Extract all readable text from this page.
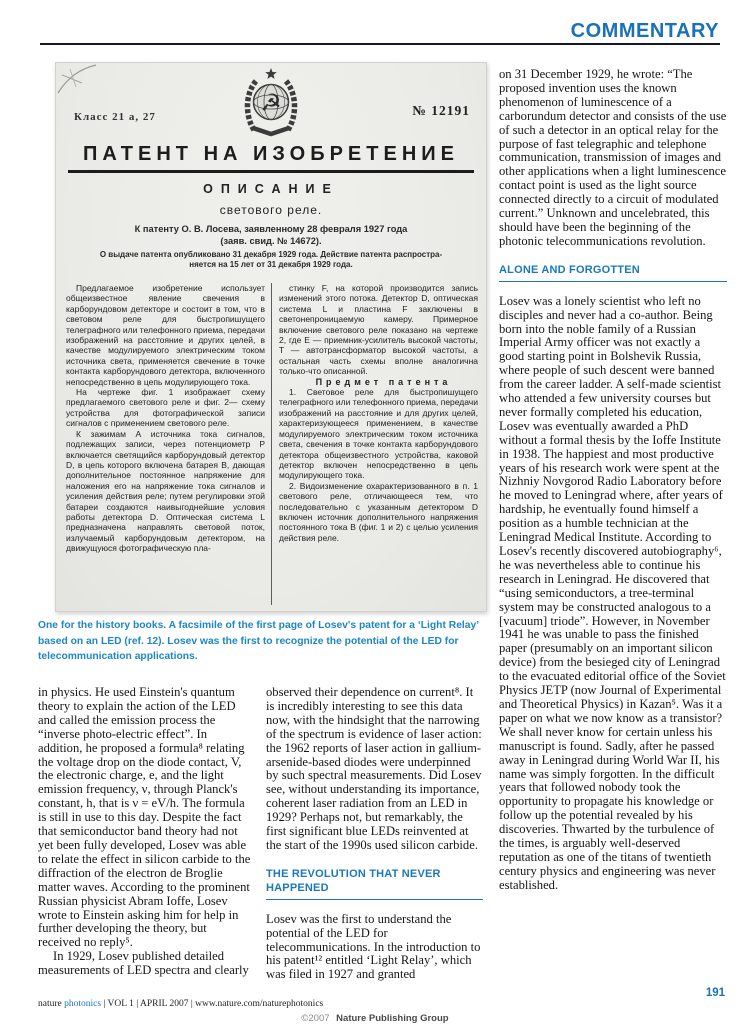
COMMENTARY
Класс 21 а, 27	№ 12191
☭
ПАТЕНТ НА ИЗОБРЕТЕНИЕ
ОПИСАНИЕ
светового реле.
К патенту О. В. Лосева, заявленному 28 февраля 1927 года
(заяв. свид. № 14672).
О выдаче патента опубликовано 31 декабря 1929 года. Действие патента распростра-
няется на 15 лет от 31 декабря 1929 года.

Предлагаемое изобретение использует общеизвестное явление свечения в карборундовом детекторе и состоит в том, что в световом реле для быстропишущего телеграфного или телефонного приема, передачи изображений на расстояние и других целей, в качестве модулируемого электрическим током источника света, применяется свечение в точке контакта карборундового детектора, включенного непосредственно в цепь модулирующего тока.

На чертеже фиг. 1 изображает схему предлагаемого светового реле и фиг. 2— схему устройства для фотографической записи сигналов с применением светового реле.

К зажимам А источника тока сигналов, подлежащих записи, через потенциометр Р включается светящийся карборундовый детектор D, в цепь которого включена батарея В, дающая дополнительное постоянное напряжение для наложения его на напряжение тока сигналов и усиления действия реле; путем регулировки этой батареи создаются наивыгоднейшие условия работы детектора D. Оптическая система L предназначена направлять световой поток, излучаемый карборундовым детектором, на движущуюся фотографическую пла-

стинку F, на которой производится запись изменений этого потока. Детектор D, оптическая система L и пластина F заключены в светонепроницаемую камеру. Примерное включение светового реле показано на чертеже 2, где E — приемник-усилитель высокой частоты, Т — автотрансформатор высокой частоты, а остальная часть схемы вполне аналогична только-что описанной.

Предмет патента

1. Световое реле для быстропишущего телеграфного или телефонного приема, передачи изображений на расстояние и для других целей, характеризующееся применением, в качестве модулируемого электрическим током источника света, свечения в точке контакта карборундового детектора общеизвестного устройства, каковой детектор включен непосредственно в цепь модулирующего тока.

2. Видоизменение охарактеризованного в п. 1 светового реле, отличающееся тем, что последовательно с указанным детектором D включен источник дополнительного напряжения постоянного тока В (фиг. 1 и 2) с целью усиления действия реле.

One for the history books. A facsimile of the first page of Losev's patent for a ‘Light Relay’ based on an LED (ref. 12). Losev was the first to recognize the potential of the LED for telecommunication applications.

in physics. He used Einstein's quantum theory to explain the action of the LED and called the emission process the “inverse photo-electric effect”. In addition, he proposed a formula⁸ relating the voltage drop on the diode contact, V, the electronic charge, e, and the light emission frequency, ν, through Planck's constant, h, that is ν = eV/h. The formula is still in use to this day. Despite the fact that semiconductor band theory had not yet been fully developed, Losev was able to relate the effect in silicon carbide to the diffraction of the electron de Broglie matter waves. According to the prominent Russian physicist Abram Ioffe, Losev wrote to Einstein asking him for help in further developing the theory, but received no reply⁵.

In 1929, Losev published detailed measurements of LED spectra and clearly

observed their dependence on current⁸. It is incredibly interesting to see this data now, with the hindsight that the narrowing of the spectrum is evidence of laser action: the 1962 reports of laser action in gallium-arsenide-based diodes were underpinned by such spectral measurements. Did Losev see, without understanding its importance, coherent laser radiation from an LED in 1929? Perhaps not, but remarkably, the first significant blue LEDs reinvented at the start of the 1990s used silicon carbide.

THE REVOLUTION THAT NEVER HAPPENED

Losev was the first to understand the potential of the LED for telecommunications. In the introduction to his patent¹² entitled ‘Light Relay’, which was filed in 1927 and granted

on 31 December 1929, he wrote: “The proposed invention uses the known phenomenon of luminescence of a carborundum detector and consists of the use of such a detector in an optical relay for the purpose of fast telegraphic and telephone communication, transmission of images and other applications when a light luminescence contact point is used as the light source connected directly to a circuit of modulated current.” Unknown and uncelebrated, this should have been the beginning of the photonic telecommunications revolution.

ALONE AND FORGOTTEN

Losev was a lonely scientist who left no disciples and never had a co-author. Being born into the noble family of a Russian Imperial Army officer was not exactly a good starting point in Bolshevik Russia, where people of such descent were banned from the career ladder. A self-made scientist who attended a few university courses but never formally completed his education, Losev was eventually awarded a PhD without a formal thesis by the Ioffe Institute in 1938. The happiest and most productive years of his research work were spent at the Nizhniy Novgorod Radio Laboratory before he moved to Leningrad where, after years of hardship, he eventually found himself a position as a humble technician at the Leningrad Medical Institute. According to Losev's recently discovered autobiography⁶, he was nevertheless able to continue his research in Leningrad. He discovered that “using semiconductors, a tree-terminal system may be constructed analogous to a [vacuum] triode”. However, in November 1941 he was unable to pass the finished paper (presumably on an important silicon device) from the besieged city of Leningrad to the evacuated editorial office of the Soviet Physics JETP (now Journal of Experimental and Theoretical Physics) in Kazan⁵. Was it a paper on what we now know as a transistor? We shall never know for certain unless his manuscript is found. Sadly, after he passed away in Leningrad during World War II, his name was simply forgotten. In the difficult years that followed nobody took the opportunity to propagate his knowledge or follow up the potential revealed by his discoveries. Thwarted by the turbulence of the times, is arguably well-deserved reputation as one of the titans of twentieth century physics and engineering was never established.

nature photonics | VOL 1 | APRIL 2007 | www.nature.com/naturephotonics
191
©2007 Nature Publishing Group
